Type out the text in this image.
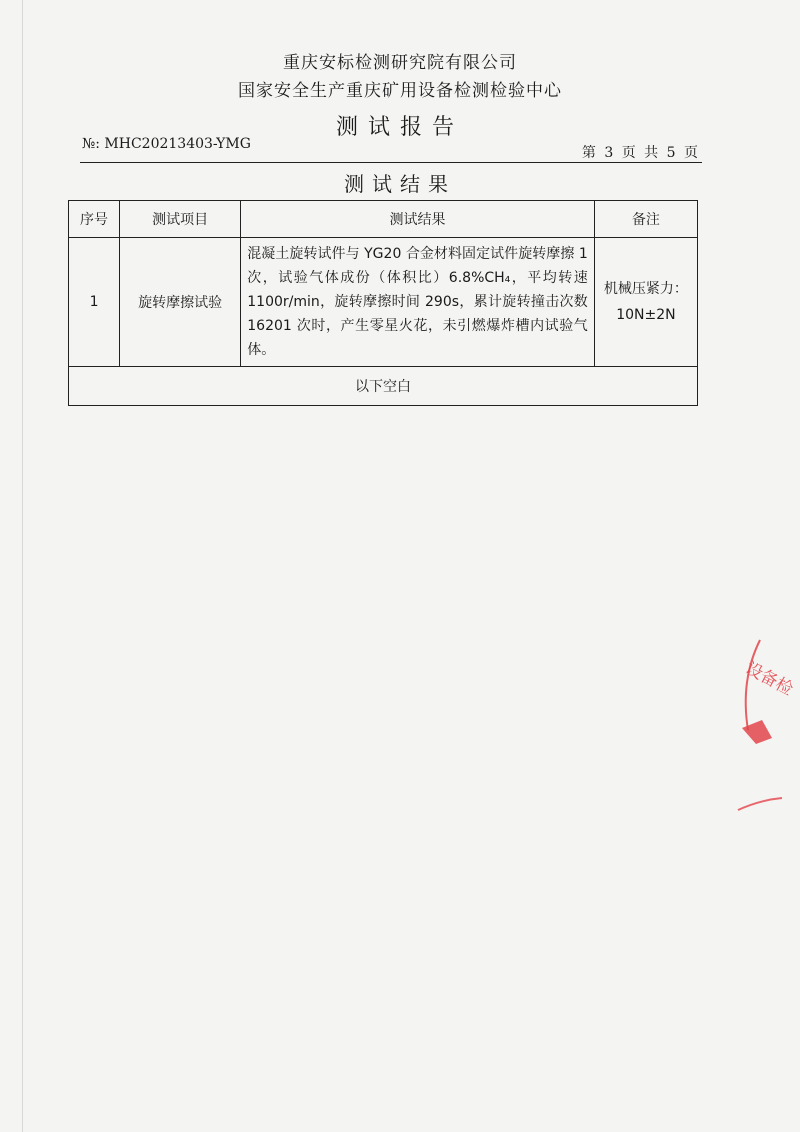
重庆安标检测研究院有限公司
国家安全生产重庆矿用设备检测检验中心
测试报告
№: MHC20213403-YMG
第 3 页 共 5 页
测试结果
序号	测试项目	测试结果	备注
1	旋转摩擦试验	混凝土旋转试件与 YG20 合金材料固定试件旋转摩擦 1 次，试验气体成份（体积比）6.8%CH₄，平均转速 1100r/min，旋转摩擦时间 290s，累计旋转撞击次数 16201 次时，产生零星火花，未引燃爆炸槽内试验气体。	机械压紧力：
10N±2N

以下空白			
设备检
